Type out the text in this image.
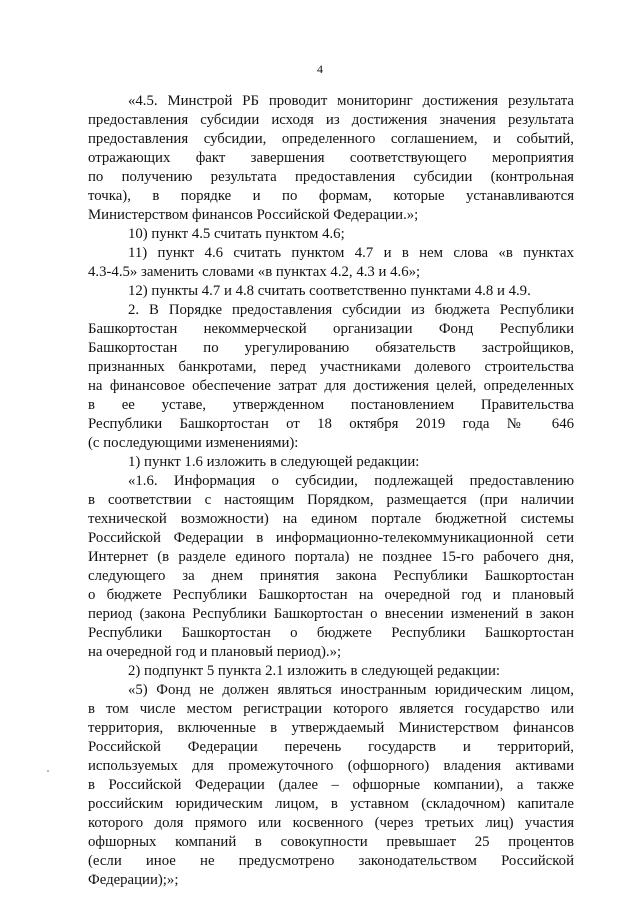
4
«4.5. Минстрой РБ проводит мониторинг достижения результата
предоставления субсидии исходя из достижения значения результата
предоставления субсидии, определенного соглашением, и событий,
отражающих факт завершения соответствующего мероприятия
по получению результата предоставления субсидии (контрольная
точка), в порядке и по формам, которые устанавливаются
Министерством финансов Российской Федерации.»;
10) пункт 4.5 считать пунктом 4.6;
11) пункт 4.6 считать пунктом 4.7 и в нем слова «в пунктах
4.3-4.5» заменить словами «в пунктах 4.2, 4.3 и 4.6»;
12) пункты 4.7 и 4.8 считать соответственно пунктами 4.8 и 4.9.
2. В Порядке предоставления субсидии из бюджета Республики
Башкортостан некоммерческой организации Фонд Республики
Башкортостан по урегулированию обязательств застройщиков,
признанных банкротами, перед участниками долевого строительства
на финансовое обеспечение затрат для достижения целей, определенных
в ее уставе, утвержденном постановлением Правительства
Республики Башкортостан от 18 октября 2019 года № 646
(с последующими изменениями):
1) пункт 1.6 изложить в следующей редакции:
«1.6. Информация о субсидии, подлежащей предоставлению
в соответствии с настоящим Порядком, размещается (при наличии
технической возможности) на едином портале бюджетной системы
Российской Федерации в информационно-телекоммуникационной сети
Интернет (в разделе единого портала) не позднее 15-го рабочего дня,
следующего за днем принятия закона Республики Башкортостан
о бюджете Республики Башкортостан на очередной год и плановый
период (закона Республики Башкортостан о внесении изменений в закон
Республики Башкортостан о бюджете Республики Башкортостан
на очередной год и плановый период).»;
2) подпункт 5 пункта 2.1 изложить в следующей редакции:
«5) Фонд не должен являться иностранным юридическим лицом,
в том числе местом регистрации которого является государство или
территория, включенные в утверждаемый Министерством финансов
Российской Федерации перечень государств и территорий,
используемых для промежуточного (офшорного) владения активами
в Российской Федерации (далее – офшорные компании), а также
российским юридическим лицом, в уставном (складочном) капитале
которого доля прямого или косвенного (через третьих лиц) участия
офшорных компаний в совокупности превышает 25 процентов
(если иное не предусмотрено законодательством Российской
Федерации);»;
